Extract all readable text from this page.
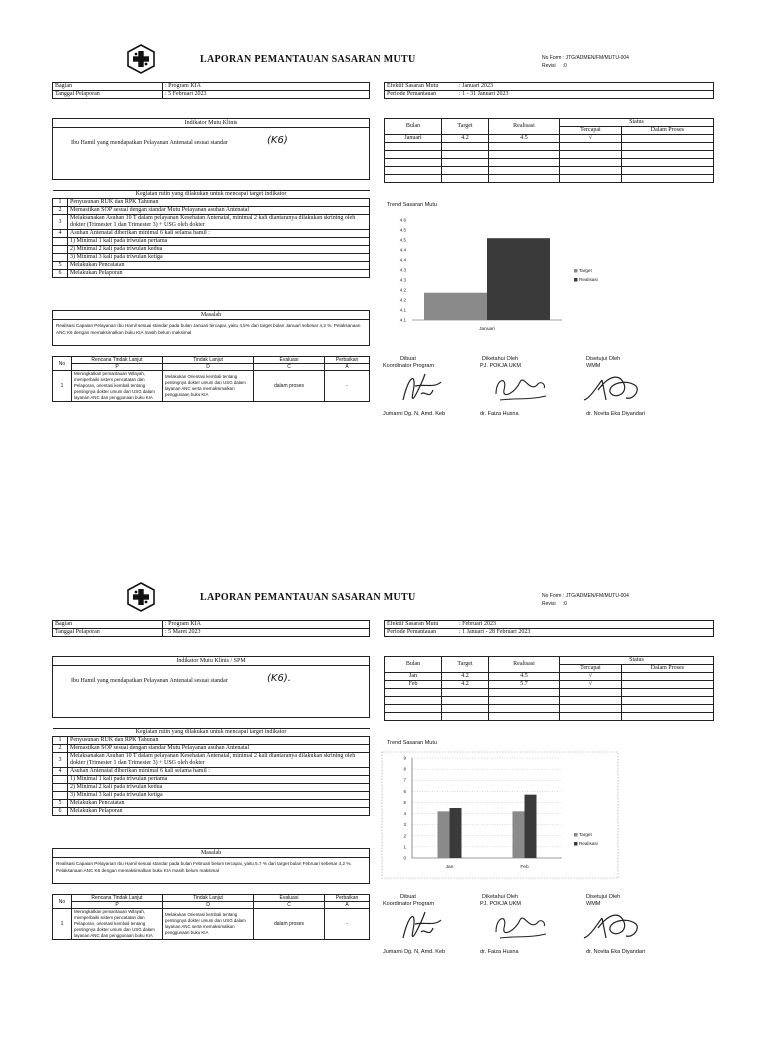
LAPORAN PEMANTAUAN SASARAN MUTU	No Form : JTG/ADMEN/FM/MUTU-004
Revisi :0
Bagian	: Program KIA
Tanggal Pelaporan	: 5 Februari 2023
Efektif Sasaran Mutu	: Januari 2023
Periode Pemantauan	: 1 - 31 Januari 2023
Indikator Mutu Klinis
Ibu Hamil yang mendapatkan Pelayanan Antenatal sesuai standar	(K6)
Bulan	Target	Realisasi	Status	
			Tercapai	Dalam Proses
Januari	4.2	4.5	√	

Kegiatan rutin yang dilakukan untuk mencapai target indikator	
1	Penyusunan RUK dan RPK Tahunan
2	Memastikan SOP sesuai dengan standar Mutu Pelayanan asuhan Antenatal
3	Melaksanakan Asuhan 10 T dalam pelayanan Kesehatan Antenatal, minimal 2 kali diantaranya dilakukan skrining oleh dokter (Trimester 1 dan Trimester 3) + USG oleh dokter
4	Asuhan Antenatal diberikan minimal 6 kali selama hamil :
	1) Minimal 1 kali pada triwulan pertama
	2) Minimal 2 kali pada triwulan kedua
	3) Minimal 3 kali pada triwulan ketiga
5	Melakukan Pencatatan
6	Melakukan Pelaporan
Masalah
Realisasi Capaian Pelayanan Ibu Hamil sesuai standar pada bulan Januari tercapai, yaitu 4,5% dari target bulan Januari sebesar 4,2 %. Pelaksanaan ANC K6 dengan memaksimalkan buku KIA masih belum maksimal
No	Rencana Tindak Lanjut	Tindak Lanjut	Evaluasi	Perbaikan
	P	D	C	A
1	Meningkatkan pemantauan Wilayah, memperbaiki sistem pencatatan dan Pelaporan, orientasi kembali tentang pentingnya dokter umum dan USG dalam layanan ANC dan penggunaan buku KIA	Melakukan Orientasi kembali tentang pentingnya dokter umum dan USG dalam layanan ANC serta memaksimalkan penggunaan buku KIA	dalam proses	-
Trend Sasaran Mutu
4.6
4.5
4.5
4.4
4.4
4.3
4.3
4.2
4.2
4.1
4.1
Januari
Target
Realisasi
Dibuat
Koordinator Program
Jumarni Dg. N, Amd. Keb
Diketahui Oleh
PJ. POKJA UKM
dr. Faiza Husna
Disetujui Oleh
WMM
dr. Novita Eka Diyandari
LAPORAN PEMANTAUAN SASARAN MUTU	No Form : JTG/ADMEN/FM/MUTU-004
Revisi :0
Bagian	: Program KIA
Tanggal Pelaporan	: 5 Maret 2023
Efektif Sasaran Mutu	: Februari 2023
Periode Pemantauan	: 1 Januari - 28 Februari 2023
Indikator Mutu Klinis / SPM
Ibu Hamil yang mendapatkan Pelayanan Antenatal sesuai standar	(K6).
Bulan	Target	Realisasi	Status	
			Tercapai	Dalam Proses
Jan	4.2	4.5	√	
Feb	4.2	5.7	√	

Kegiatan rutin yang dilakukan untuk mencapai target indikator	
1	Penyusunan RUK dan RPK Tahunan
2	Memastikan SOP sesuai dengan standar Mutu Pelayanan asuhan Antenatal
3	Melaksanakan Asuhan 10 T dalam pelayanan Kesehatan Antenatal, minimal 2 kali diantaranya dilakukan skrining oleh dokter (Trimester 1 dan Trimester 3) + USG oleh dokter
4	Asuhan Antenatal diberikan minimal 6 kali selama hamil :
	1) Minimal 1 kali pada triwulan pertama
	2) Minimal 2 kali pada triwulan kedua
	3) Minimal 3 kali pada triwulan ketiga
5	Melakukan Pencatatan
6	Melakukan Pelaporan
Masalah
Realisasi Capaian Pelayanan Ibu Hamil sesuai standar pada bulan Februari belum tercapai, yaitu 5,7 % dari target bulan Februari sebesar 4,2 %. Pelaksanaan ANC K6 dengan memaksimalkan buku KIA masih belum maksimal
No	Rencana Tindak Lanjut	Tindak Lanjut	Evaluasi	Perbaikan
	P	D	C	A
1	Meningkatkan pemantauan Wilayah, memperbaiki sistem pencatatan dan Pelaporan, orientasi kembali tentang pentingnya dokter umum dan USG dalam layanan ANC dan penggunaan buku KIA	Melakukan Orientasi kembali tentang pentingnya dokter umum dan USG dalam layanan ANC serta memaksimalkan penggunaan buku KIA	dalam proses	-
Trend Sasaran Mutu
0
1
2
3
4
5
6
7
8
9
Jan	Feb
Target
Realisasi
Dibuat
Koordinator Program
Jumarni Dg. N, Amd. Keb
Diketahui Oleh
PJ. POKJA UKM
dr. Faiza Husna
Disetujui Oleh
WMM
dr. Novita Eka Diyandari
